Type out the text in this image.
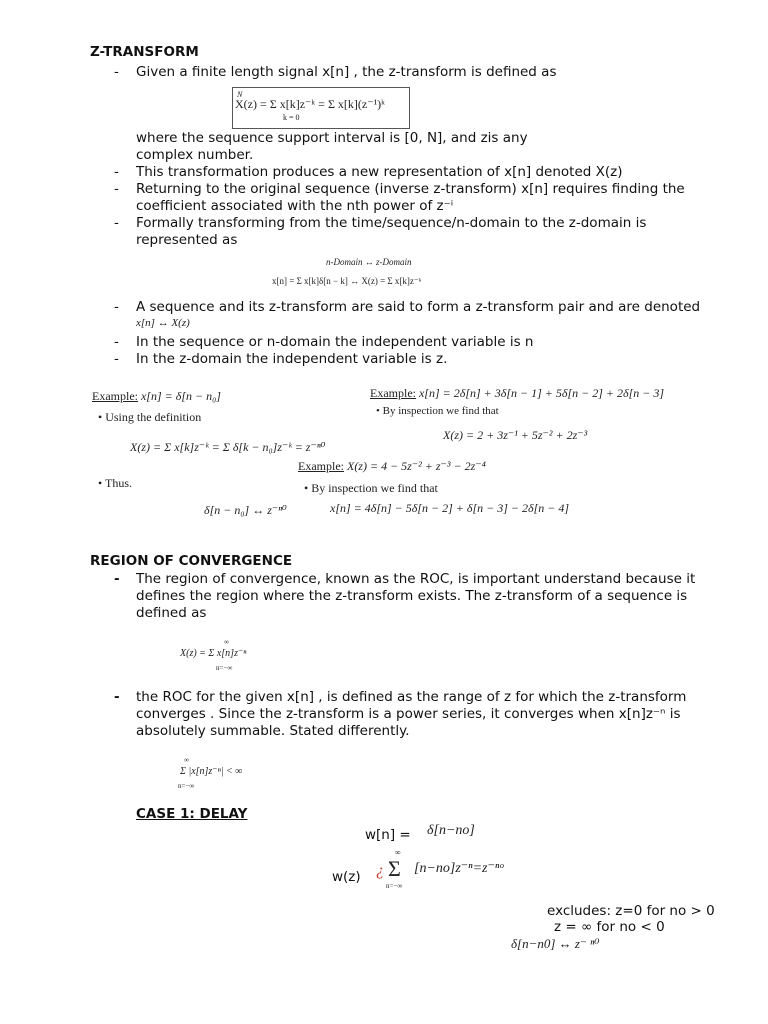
Z-TRANSFORM
- Given a finite length signal x[n] , the z-transform is defined as
N
X(z) = Σ x[k]z⁻ᵏ = Σ x[k](z⁻¹)ᵏ
k = 0
where the sequence support interval is [0, N], and zis any
complex number.
- This transformation produces a new representation of x[n] denoted X(z)
- Returning to the original sequence (inverse z-transform) x[n] requires finding the
coefficient associated with the nth power of z⁻ⁱ
- Formally transforming from the time/sequence/n-domain to the z-domain is
represented as
n-Domain ↔ z-Domain
x[n] = Σ x[k]δ[n − k] ↔ X(z) = Σ x[k]z⁻ᵏ
- A sequence and its z-transform are said to form a z-transform pair and are denoted
x[n] ↔ X(z)
- In the sequence or n-domain the independent variable is n
- In the z-domain the independent variable is z.
Example: x[n] = δ[n − n₀]
• Using the definition
X(z) = Σ x[k]z⁻ᵏ = Σ δ[k − n₀]z⁻ᵏ = z⁻ⁿ⁰
• Thus.
δ[n − n₀] ↔ z⁻ⁿ⁰
Example: x[n] = 2δ[n] + 3δ[n − 1] + 5δ[n − 2] + 2δ[n − 3]
• By inspection we find that
X(z) = 2 + 3z⁻¹ + 5z⁻² + 2z⁻³
Example: X(z) = 4 − 5z⁻² + z⁻³ − 2z⁻⁴
• By inspection we find that
x[n] = 4δ[n] − 5δ[n − 2] + δ[n − 3] − 2δ[n − 4]
REGION OF CONVERGENCE
- The region of convergence, known as the ROC, is important understand because it
defines the region where the z-transform exists. The z-transform of a sequence is
defined as
∞
X(z) = Σ x[n]z⁻ⁿ
n=−∞
- the ROC for the given x[n] , is defined as the range of z for which the z-transform
converges . Since the z-transform is a power series, it converges when x[n]z⁻ⁿ is
absolutely summable. Stated differently.
∞
Σ |x[n]z⁻ⁿ| < ∞
n=−∞
CASE 1: DELAY
w[n] = δ[n−no]
w(z) ¿
∞
Σ
n=−∞
[n−no]z⁻ⁿ=z⁻ⁿᵒ
excludes: z=0 for no > 0
z = ∞ for no < 0
δ[n−n0] ↔ z⁻ ⁿ⁰
